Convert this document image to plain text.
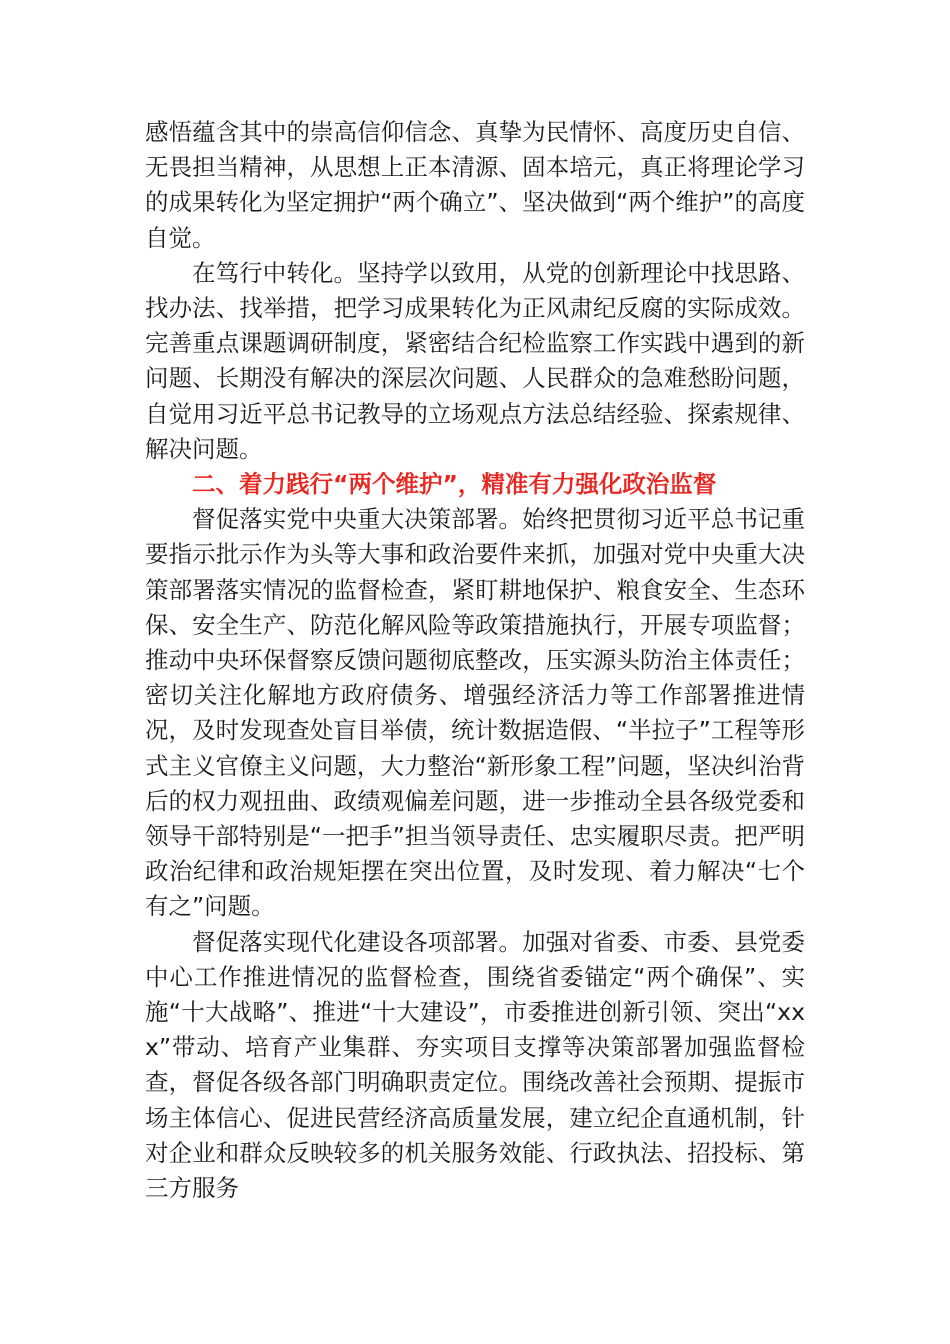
感悟蕴含其中的崇高信仰信念、真挚为民情怀、高度历史自信、无畏担当精神，从思想上正本清源、固本培元，真正将理论学习的成果转化为坚定拥护“两个确立”、坚决做到“两个维护”的高度自觉。

在笃行中转化。坚持学以致用，从党的创新理论中找思路、找办法、找举措，把学习成果转化为正风肃纪反腐的实际成效。完善重点课题调研制度，紧密结合纪检监察工作实践中遇到的新问题、长期没有解决的深层次问题、人民群众的急难愁盼问题，自觉用习近平总书记教导的立场观点方法总结经验、探索规律、解决问题。

二、着力践行“两个维护”，精准有力强化政治监督

督促落实党中央重大决策部署。始终把贯彻习近平总书记重要指示批示作为头等大事和政治要件来抓，加强对党中央重大决策部署落实情况的监督检查，紧盯耕地保护、粮食安全、生态环保、安全生产、防范化解风险等政策措施执行，开展专项监督；推动中央环保督察反馈问题彻底整改，压实源头防治主体责任；密切关注化解地方政府债务、增强经济活力等工作部署推进情况，及时发现查处盲目举债，统计数据造假、“半拉子”工程等形式主义官僚主义问题，大力整治“新形象工程”问题，坚决纠治背后的权力观扭曲、政绩观偏差问题，进一步推动全县各级党委和领导干部特别是“一把手”担当领导责任、忠实履职尽责。把严明政治纪律和政治规矩摆在突出位置，及时发现、着力解决“七个有之”问题。

督促落实现代化建设各项部署。加强对省委、市委、县党委中心工作推进情况的监督检查，围绕省委锚定“两个确保”、实施“十大战略”、推进“十大建设”，市委推进创新引领、突出“xxx”带动、培育产业集群、夯实项目支撑等决策部署加强监督检查，督促各级各部门明确职责定位。围绕改善社会预期、提振市场主体信心、促进民营经济高质量发展，建立纪企直通机制，针对企业和群众反映较多的机关服务效能、行政执法、招投标、第三方服务
